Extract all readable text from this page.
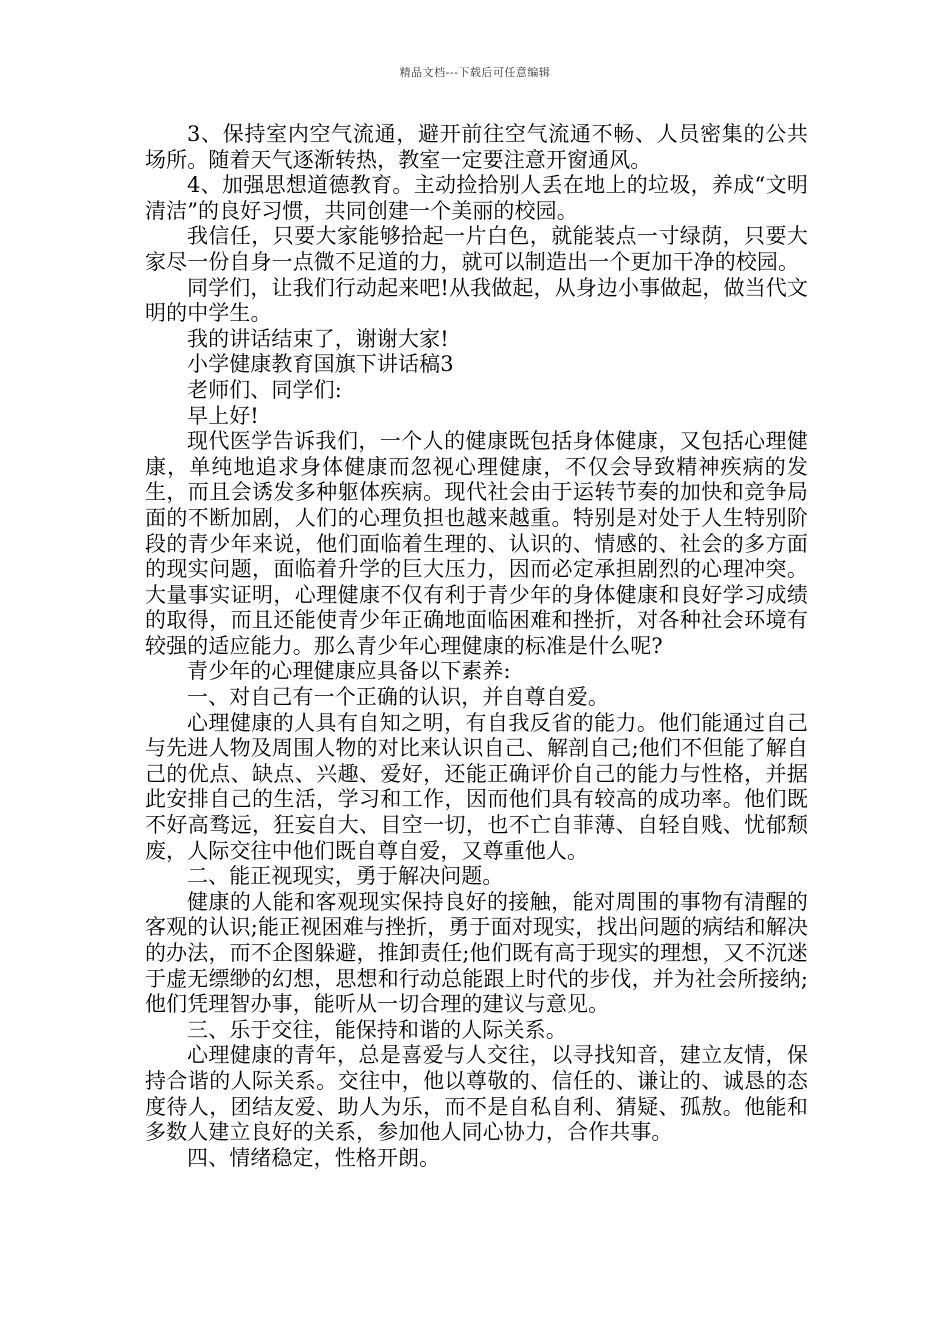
精品文档---下载后可任意编辑

3、保持室内空气流通，避开前往空气流通不畅、人员密集的公共场所。随着天气逐渐转热，教室一定要注意开窗通风。

4、加强思想道德教育。主动捡拾别人丢在地上的垃圾，养成“文明清洁”的良好习惯，共同创建一个美丽的校园。

我信任，只要大家能够拾起一片白色，就能装点一寸绿荫，只要大家尽一份自身一点微不足道的力，就可以制造出一个更加干净的校园。

同学们，让我们行动起来吧!从我做起，从身边小事做起，做当代文明的中学生。

我的讲话结束了，谢谢大家!

小学健康教育国旗下讲话稿3

老师们、同学们:

早上好!

现代医学告诉我们，一个人的健康既包括身体健康，又包括心理健康，单纯地追求身体健康而忽视心理健康，不仅会导致精神疾病的发生，而且会诱发多种躯体疾病。现代社会由于运转节奏的加快和竞争局面的不断加剧，人们的心理负担也越来越重。特别是对处于人生特别阶段的青少年来说，他们面临着生理的、认识的、情感的、社会的多方面的现实问题，面临着升学的巨大压力，因而必定承担剧烈的心理冲突。大量事实证明，心理健康不仅有利于青少年的身体健康和良好学习成绩的取得，而且还能使青少年正确地面临困难和挫折，对各种社会环境有较强的适应能力。那么青少年心理健康的标准是什么呢?

青少年的心理健康应具备以下素养:

一、对自己有一个正确的认识，并自尊自爱。

心理健康的人具有自知之明，有自我反省的能力。他们能通过自己与先进人物及周围人物的对比来认识自己、解剖自己;他们不但能了解自己的优点、缺点、兴趣、爱好，还能正确评价自己的能力与性格，并据此安排自己的生活，学习和工作，因而他们具有较高的成功率。他们既不好高骛远，狂妄自大、目空一切，也不亡自菲薄、自轻自贱、忧郁颓废，人际交往中他们既自尊自爱，又尊重他人。

二、能正视现实，勇于解决问题。

健康的人能和客观现实保持良好的接触，能对周围的事物有清醒的客观的认识;能正视困难与挫折，勇于面对现实，找出问题的病结和解决的办法，而不企图躲避，推卸责任;他们既有高于现实的理想，又不沉迷于虚无缥缈的幻想，思想和行动总能跟上时代的步伐，并为社会所接纳;他们凭理智办事，能听从一切合理的建议与意见。

三、乐于交往，能保持和谐的人际关系。

心理健康的青年，总是喜爱与人交往，以寻找知音，建立友情，保持合谐的人际关系。交往中，他以尊敬的、信任的、谦让的、诚恳的态度待人，团结友爱、助人为乐，而不是自私自利、猜疑、孤敖。他能和多数人建立良好的关系，参加他人同心协力，合作共事。

四、情绪稳定，性格开朗。
